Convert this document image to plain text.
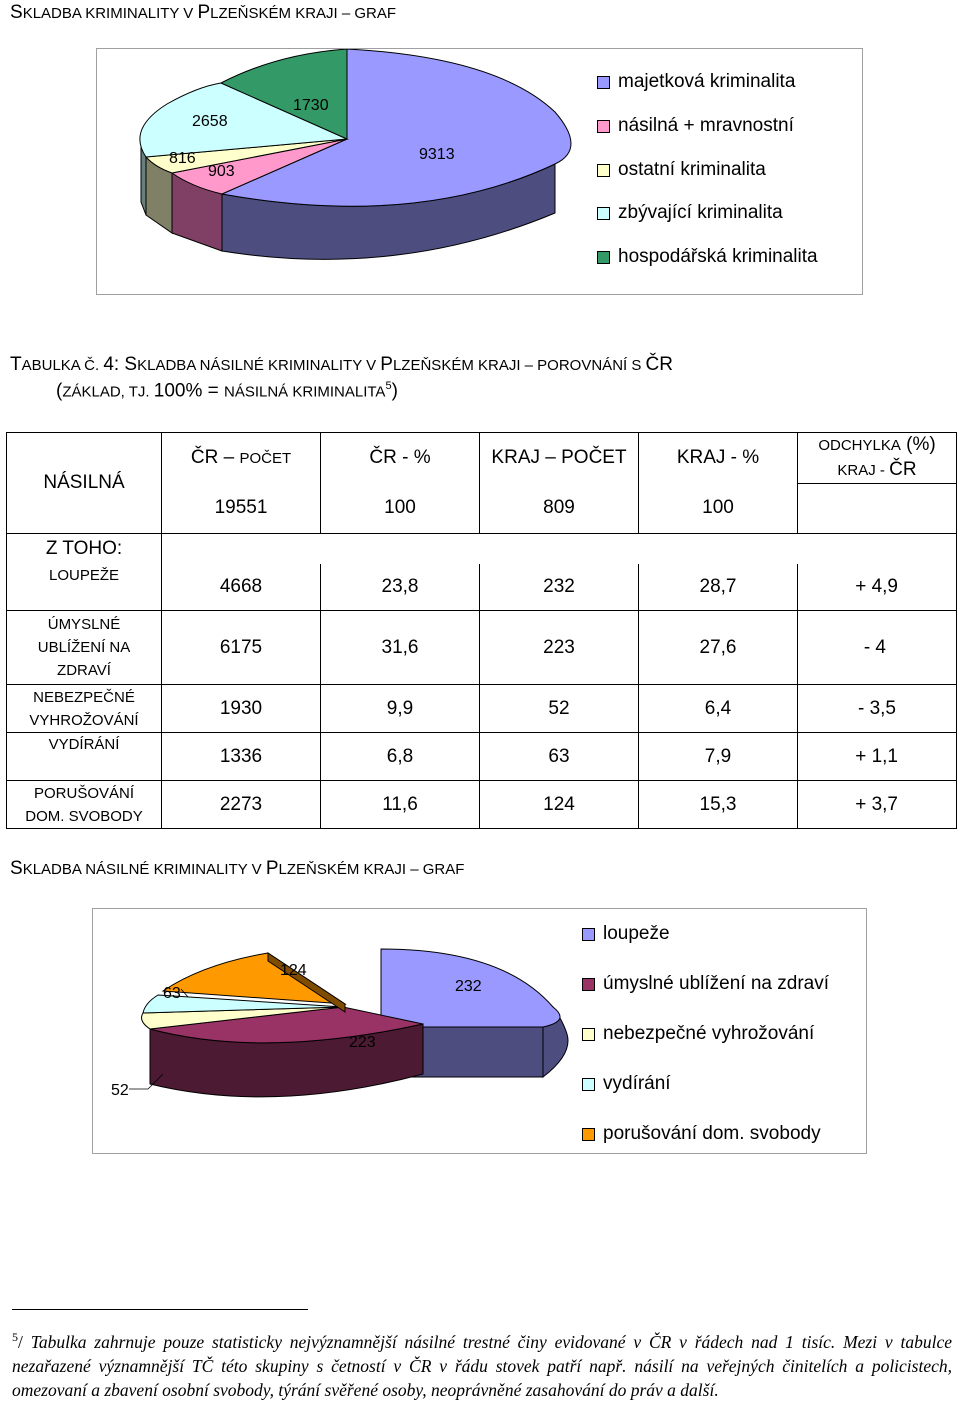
SKLADBA KRIMINALITY V PLZEŇSKÉM KRAJI – GRAF
9313
903
816
2658
1730
majetková kriminalita
násilná + mravnostní
ostatní kriminalita
zbývající kriminalita
hospodářská kriminalita
TABULKA Č. 4: SKLADBA NÁSILNÉ KRIMINALITY V PLZEŇSKÉM KRAJI – POROVNÁNÍ S ČR
(ZÁKLAD, TJ. 100% = NÁSILNÁ KRIMINALITA$^5$)
NÁSILNÁ	ČR – POČET	ČR - %	KRAJ – POČET	KRAJ - %	ODCHYLKA (%)
KRAJ - ČR
	19551	100	809	100	
Z TOHO:					
LOUPEŽE	4668	23,8	232	28,7	+ 4,9
ÚMYSLNÉ
UBLÍŽENÍ NA
ZDRAVÍ	6175	31,6	223	27,6	- 4
NEBEZPEČNÉ
VYHROŽOVÁNÍ	1930	9,9	52	6,4	- 3,5
VYDÍRÁNÍ	1336	6,8	63	7,9	+ 1,1
PORUŠOVÁNÍ
DOM. SVOBODY	2273	11,6	124	15,3	+ 3,7
SKLADBA NÁSILNÉ KRIMINALITY V PLZEŇSKÉM KRAJI – GRAF
232
223
52
63
124
loupeže
úmyslné ublížení na zdraví
nebezpečné vyhrožování
vydírání
porušování dom. svobody
$^5$/ Tabulka zahrnuje pouze statisticky nejvýznamnější násilné trestné činy evidované v ČR v řádech nad 1 tisíc. Mezi v tabulce nezařazené významnější TČ této skupiny s četností v ČR v řádu stovek patří např. násilí na veřejných činitelích a policistech, omezovaní a zbavení osobní svobody, týrání svěřené osoby, neoprávněné zasahování do práv a další.
